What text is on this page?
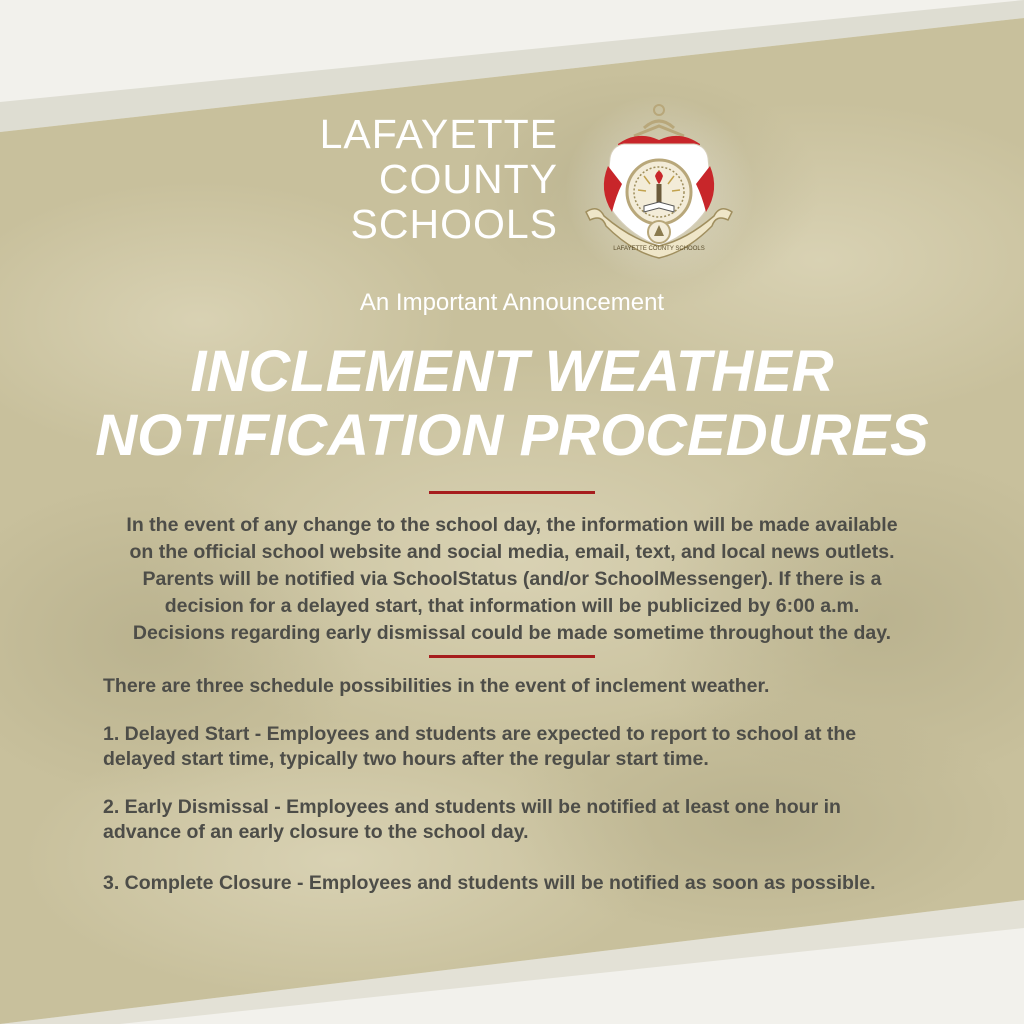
LAFAYETTE
COUNTY
SCHOOLS
LAFAYETTE COUNTY SCHOOLS
An Important Announcement
INCLEMENT WEATHER
NOTIFICATION PROCEDURES
In the event of any change to the school day, the information will be made available
on the official school website and social media, email, text, and local news outlets.
Parents will be notified via SchoolStatus (and/or SchoolMessenger). If there is a
decision for a delayed start, that information will be publicized by 6:00 a.m.
Decisions regarding early dismissal could be made sometime throughout the day.
There are three schedule possibilities in the event of inclement weather.
1. Delayed Start - Employees and students are expected to report to school at the
delayed start time, typically two hours after the regular start time.
2. Early Dismissal - Employees and students will be notified at least one hour in
advance of an early closure to the school day.
3. Complete Closure - Employees and students will be notified as soon as possible.
